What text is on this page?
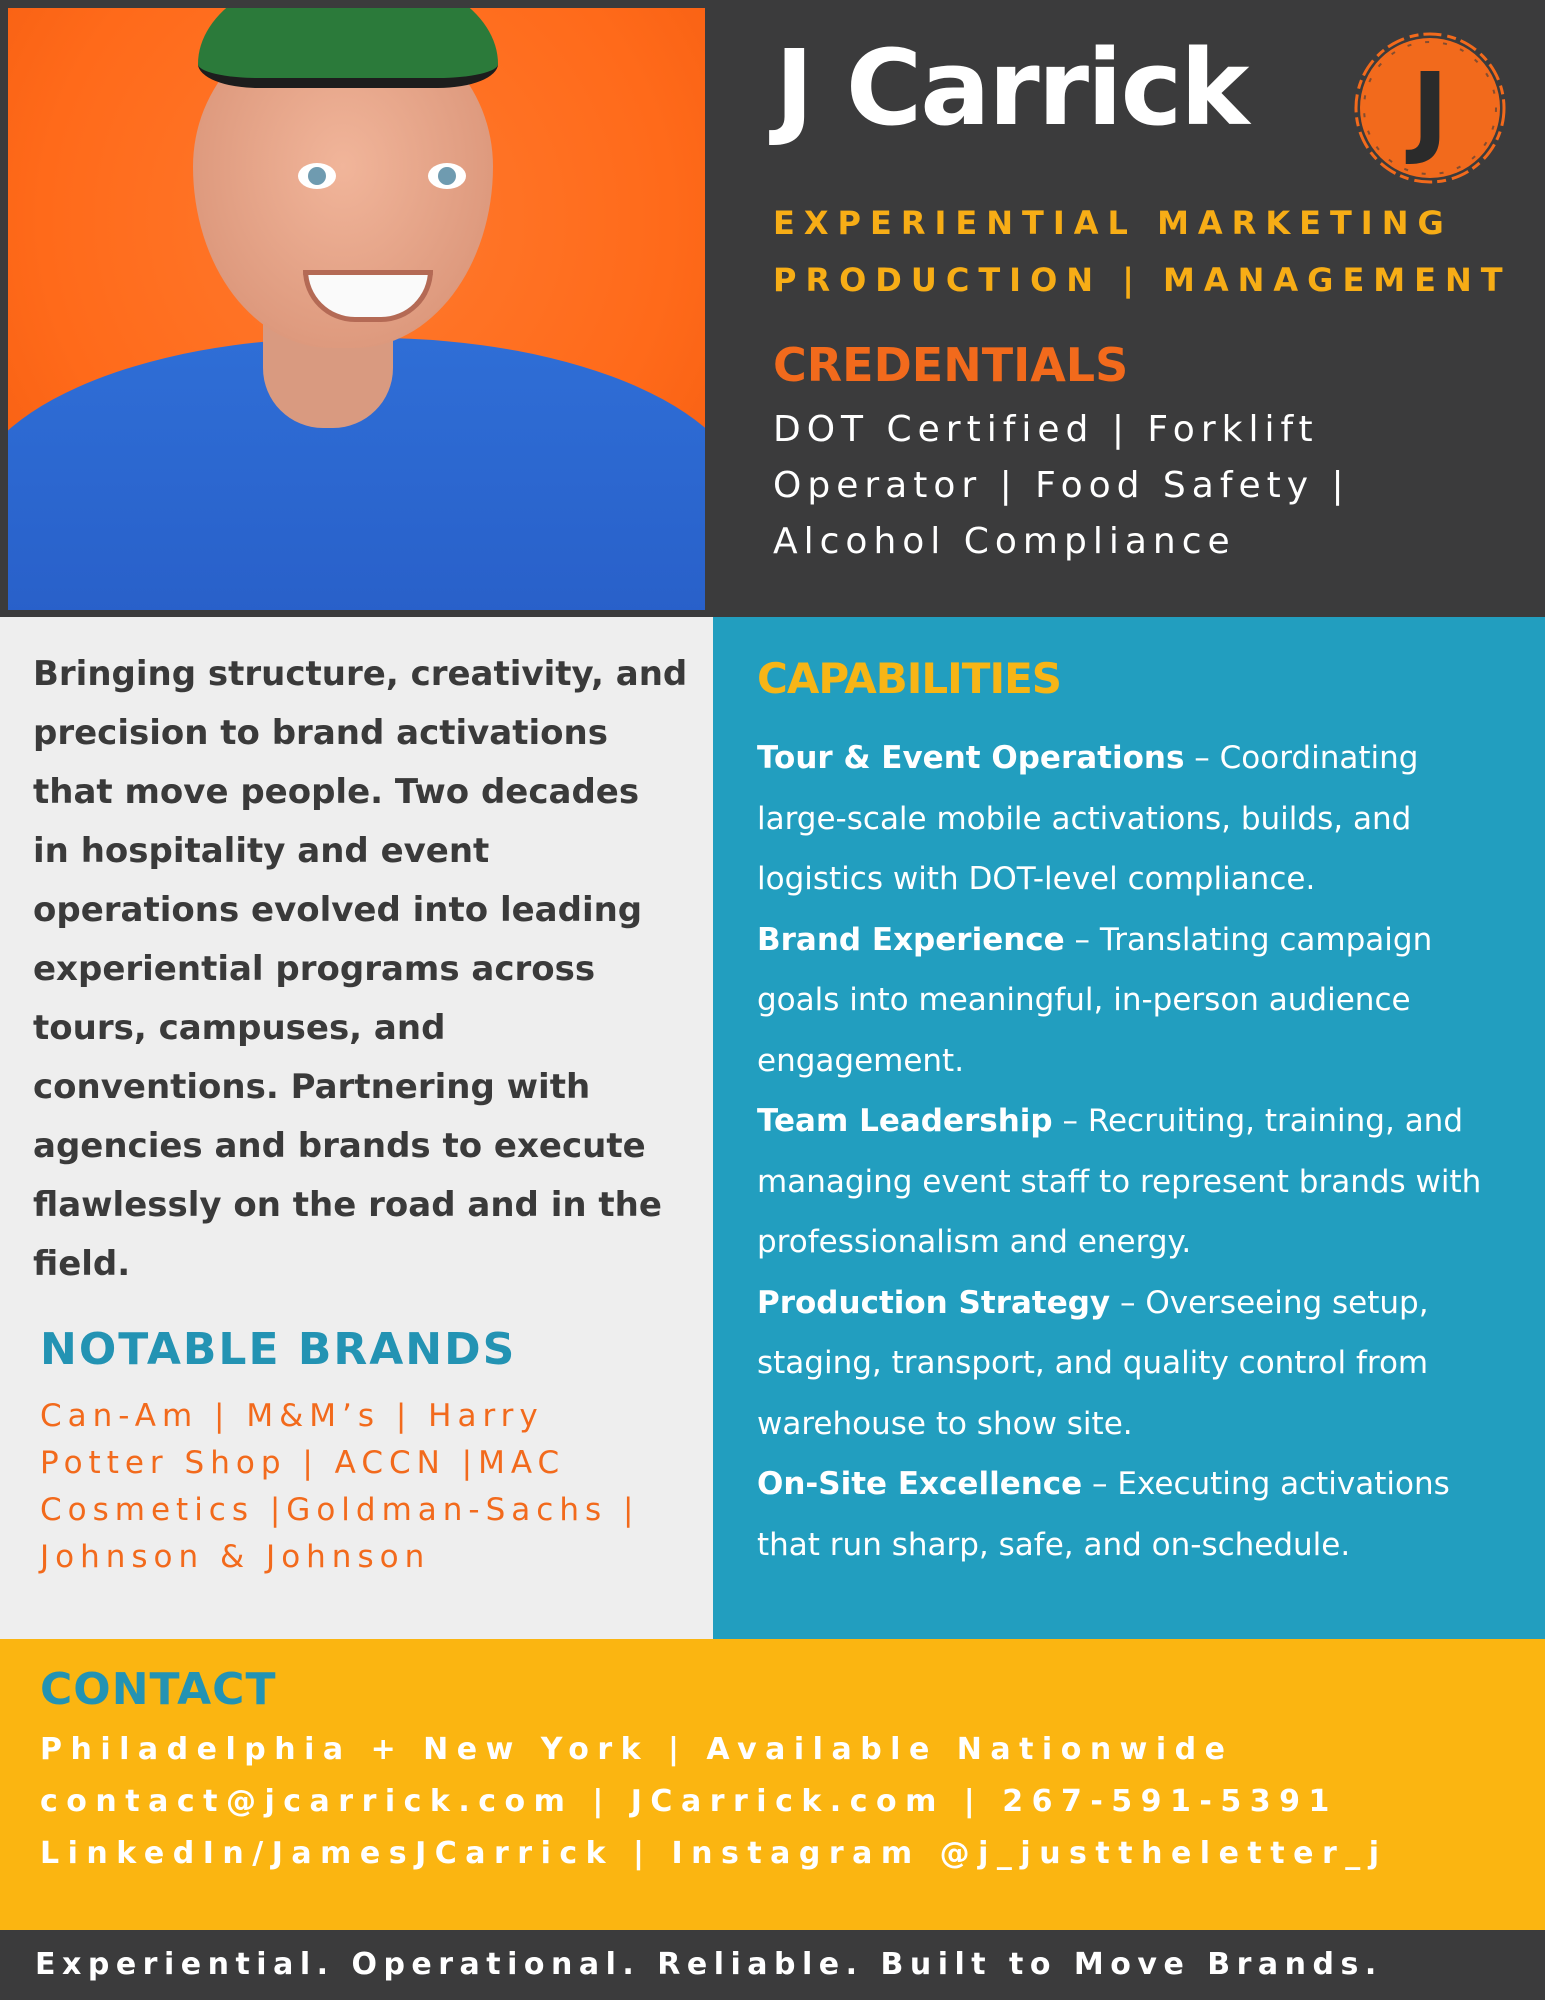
J Carrick J
EXPERIENTIAL MARKETING
PRODUCTION | MANAGEMENT
CREDENTIALS
DOT Certified | Forklift
Operator | Food Safety |
Alcohol Compliance
Bringing structure, creativity, and
precision to brand activations
that move people. Two decades
in hospitality and event
operations evolved into leading
experiential programs across
tours, campuses, and
conventions. Partnering with
agencies and brands to execute
flawlessly on the road and in the
field.
NOTABLE BRANDS
Can-Am | M&M’s | Harry
Potter Shop | ACCN |MAC
Cosmetics |Goldman-Sachs |
Johnson & Johnson
CAPABILITIES
Tour & Event Operations – Coordinating
large-scale mobile activations, builds, and
logistics with DOT-level compliance.
Brand Experience – Translating campaign
goals into meaningful, in-person audience
engagement.
Team Leadership – Recruiting, training, and
managing event staff to represent brands with
professionalism and energy.
Production Strategy – Overseeing setup,
staging, transport, and quality control from
warehouse to show site.
On-Site Excellence – Executing activations
that run sharp, safe, and on-schedule.
CONTACT
Philadelphia + New York | Available Nationwide
contact@jcarrick.com | JCarrick.com | 267-591-5391
LinkedIn/JamesJCarrick | Instagram @j_justtheletter_j
Experiential. Operational. Reliable. Built to Move Brands.
